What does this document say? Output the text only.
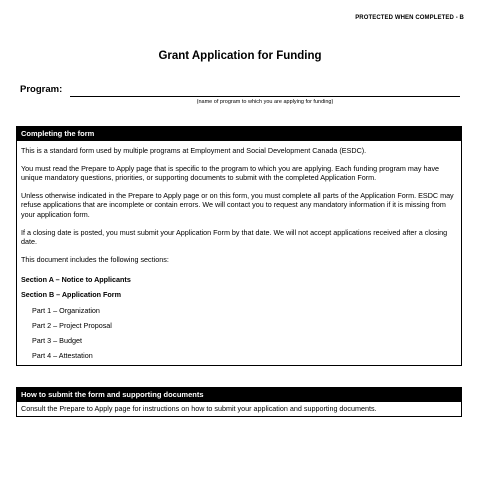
PROTECTED WHEN COMPLETED - B
Grant Application for Funding
Program:
(name of program to which you are applying for funding)
Completing the form

This is a standard form used by multiple programs at Employment and Social Development Canada (ESDC).

You must read the Prepare to Apply page that is specific to the program to which you are applying. Each funding program may have unique mandatory questions, priorities, or supporting documents to submit with the completed Application Form.

Unless otherwise indicated in the Prepare to Apply page or on this form, you must complete all parts of the Application Form. ESDC may refuse applications that are incomplete or contain errors. We will contact you to request any mandatory information if it is missing from your application form.

If a closing date is posted, you must submit your Application Form by that date. We will not accept applications received after a closing date.

This document includes the following sections:

Section A – Notice to Applicants

Section B – Application Form

Part 1 – Organization

Part 2 – Project Proposal

Part 3 – Budget

Part 4 – Attestation

How to submit the form and supporting documents

Consult the Prepare to Apply page for instructions on how to submit your application and supporting documents.
